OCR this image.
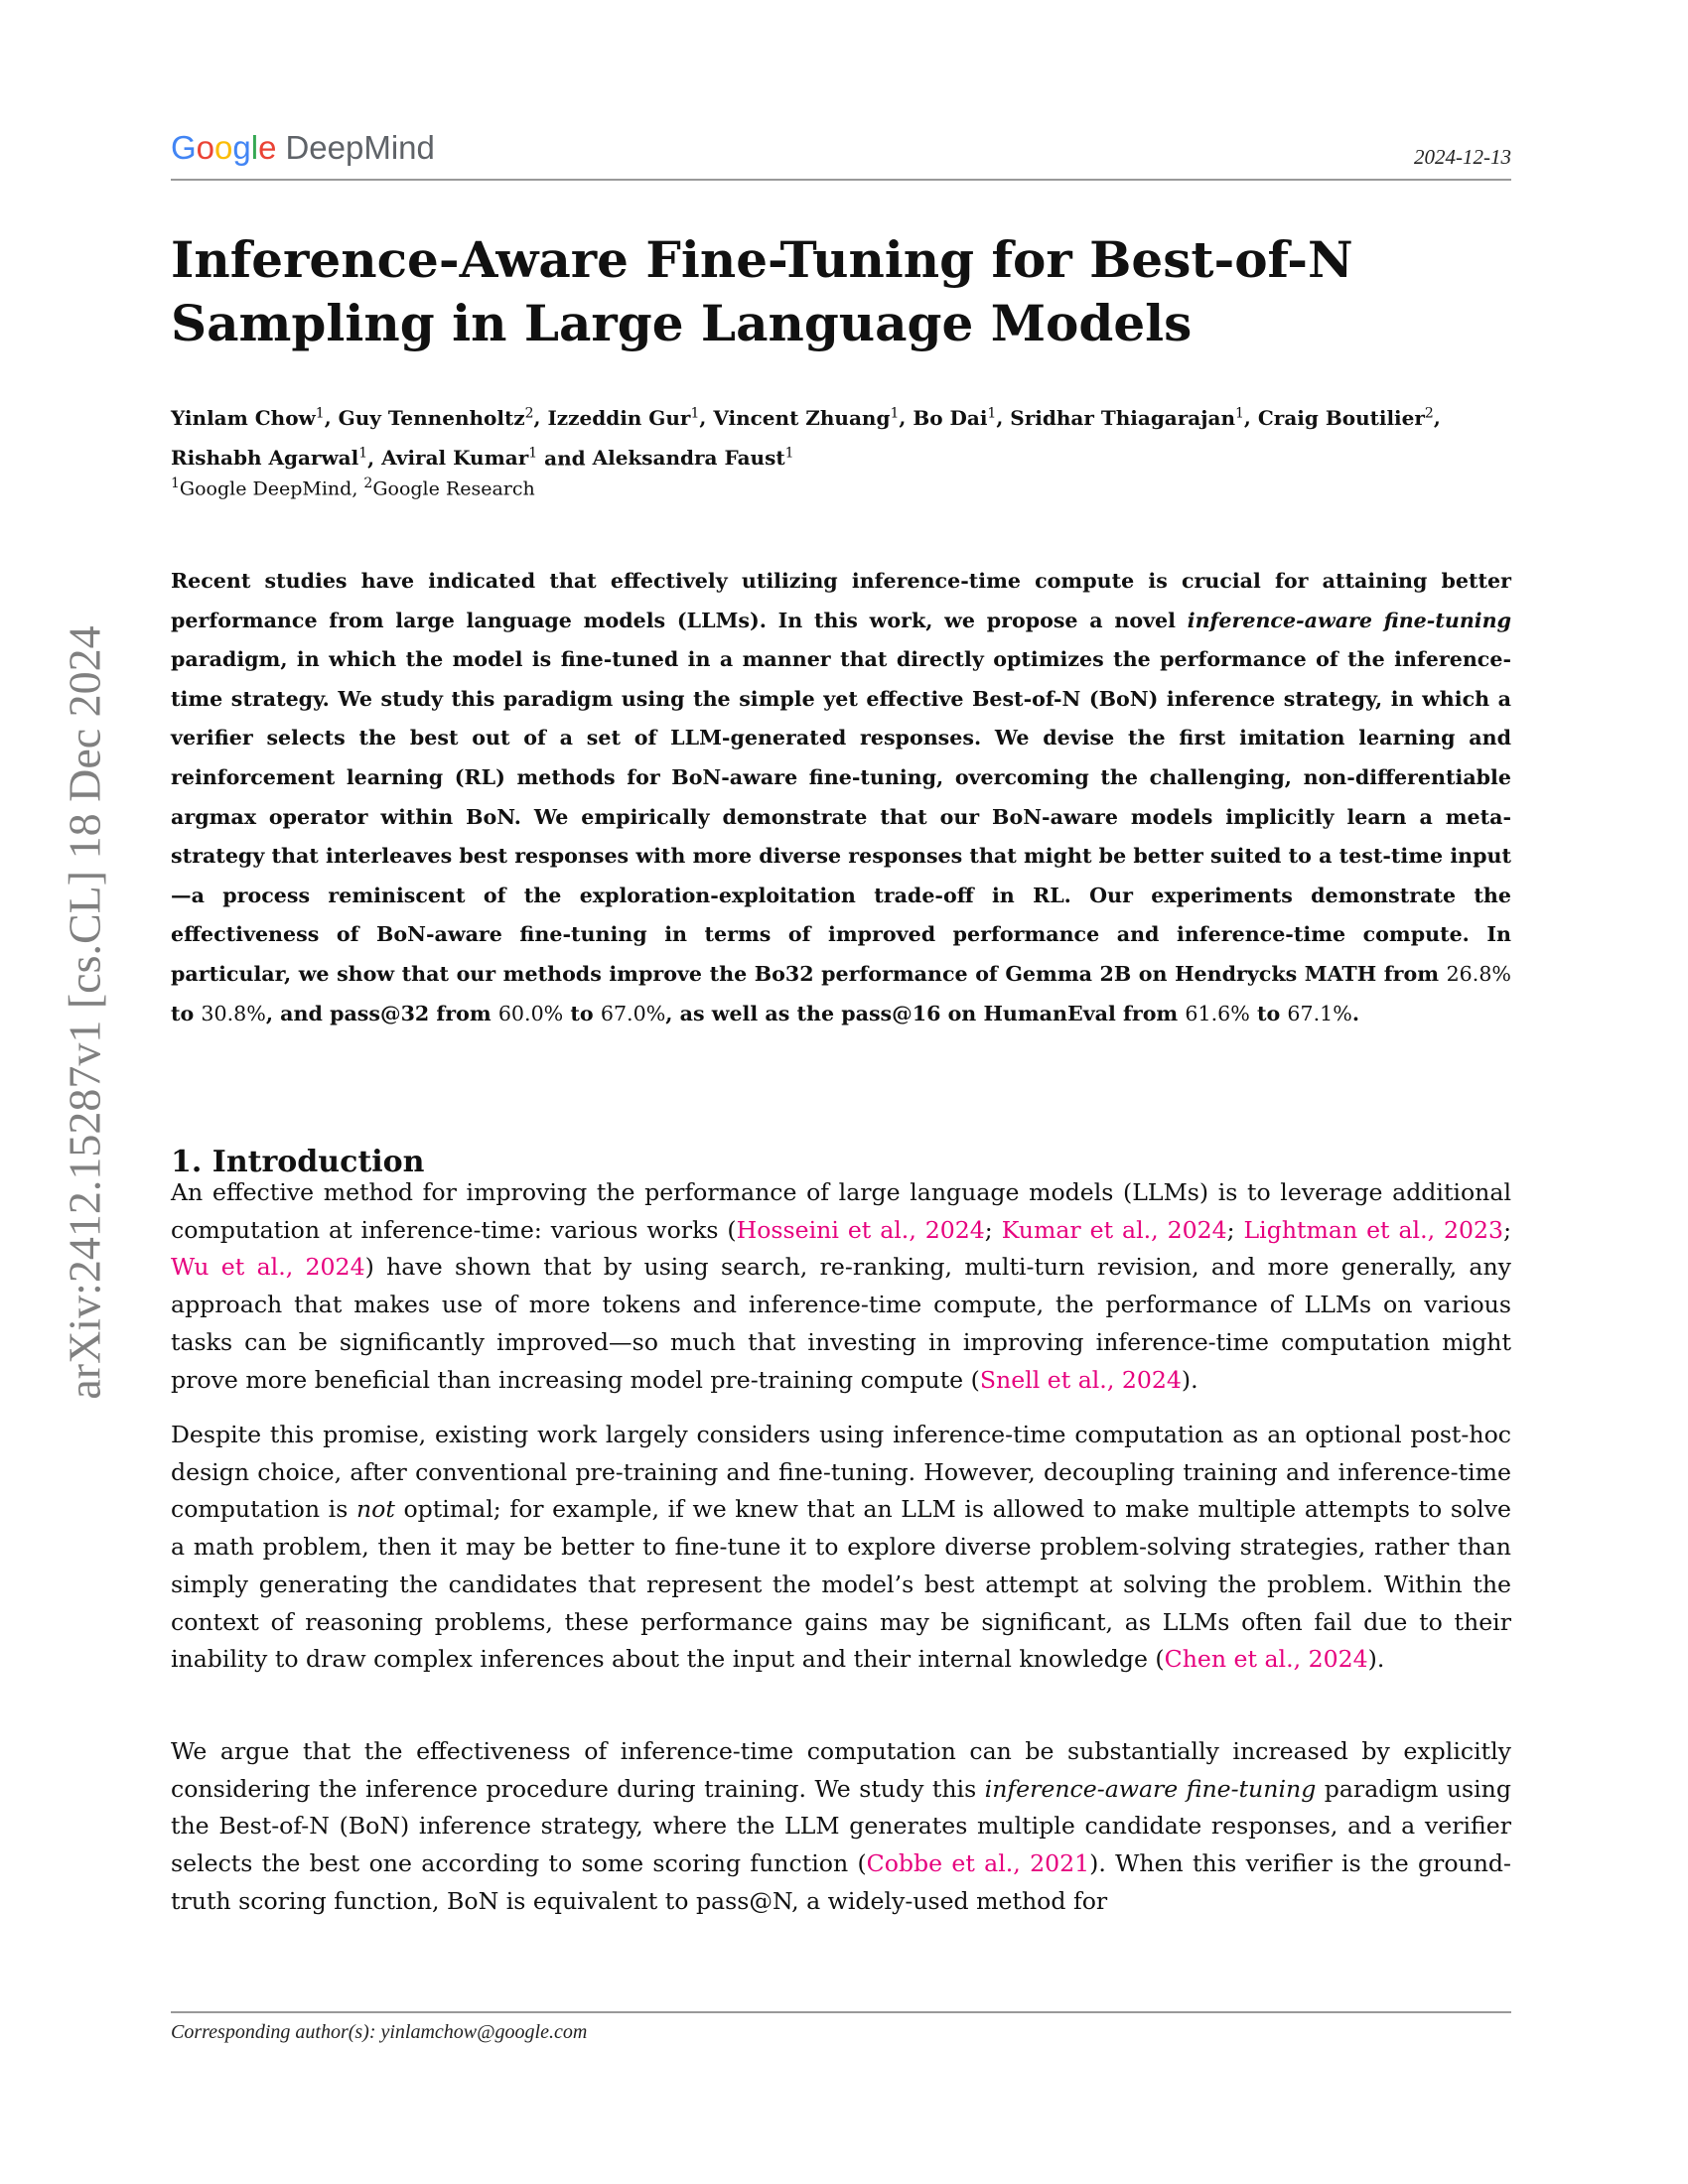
arXiv:2412.15287v1 [cs.CL] 18 Dec 2024
Google DeepMind	2024-12-13
Inference-Aware Fine-Tuning for Best-of-N
Sampling in Large Language Models
Yinlam Chow$^1$, Guy Tennenholtz$^2$, Izzeddin Gur$^1$, Vincent Zhuang$^1$, Bo Dai$^1$, Sridhar Thiagarajan$^1$, Craig Boutilier$^2$, Rishabh Agarwal$^1$, Aviral Kumar$^1$ and Aleksandra Faust$^1$
$^1$Google DeepMind, $^2$Google Research
Recent studies have indicated that effectively utilizing inference-time compute is crucial for attaining better performance from large language models (LLMs). In this work, we propose a novel inference-aware fine-tuning paradigm, in which the model is fine-tuned in a manner that directly optimizes the performance of the inference-time strategy. We study this paradigm using the simple yet effective Best-of-N (BoN) inference strategy, in which a verifier selects the best out of a set of LLM-generated responses. We devise the first imitation learning and reinforcement learning (RL) methods for BoN-aware fine-tuning, overcoming the challenging, non-differentiable argmax operator within BoN. We empirically demonstrate that our BoN-aware models implicitly learn a meta-strategy that interleaves best responses with more diverse responses that might be better suited to a test-time input—a process reminiscent of the exploration-exploitation trade-off in RL. Our experiments demonstrate the effectiveness of BoN-aware fine-tuning in terms of improved performance and inference-time compute. In particular, we show that our methods improve the Bo32 performance of Gemma 2B on Hendrycks MATH from 26.8% to 30.8%, and pass@32 from 60.0% to 67.0%, as well as the pass@16 on HumanEval from 61.6% to 67.1%.
1. Introduction

An effective method for improving the performance of large language models (LLMs) is to leverage additional computation at inference-time: various works (Hosseini et al., 2024; Kumar et al., 2024; Lightman et al., 2023; Wu et al., 2024) have shown that by using search, re-ranking, multi-turn revision, and more generally, any approach that makes use of more tokens and inference-time compute, the performance of LLMs on various tasks can be significantly improved—so much that investing in improving inference-time computation might prove more beneficial than increasing model pre-training compute (Snell et al., 2024).

Despite this promise, existing work largely considers using inference-time computation as an optional post-hoc design choice, after conventional pre-training and fine-tuning. However, decoupling training and inference-time computation is not optimal; for example, if we knew that an LLM is allowed to make multiple attempts to solve a math problem, then it may be better to fine-tune it to explore diverse problem-solving strategies, rather than simply generating the candidates that represent the model’s best attempt at solving the problem. Within the context of reasoning problems, these performance gains may be significant, as LLMs often fail due to their inability to draw complex inferences about the input and their internal knowledge (Chen et al., 2024).

We argue that the effectiveness of inference-time computation can be substantially increased by explicitly considering the inference procedure during training. We study this inference-aware fine-tuning paradigm using the Best-of-N (BoN) inference strategy, where the LLM generates multiple candidate responses, and a verifier selects the best one according to some scoring function (Cobbe et al., 2021). When this verifier is the ground-truth scoring function, BoN is equivalent to pass@N, a widely-used method for

Corresponding author(s): yinlamchow@google.com
